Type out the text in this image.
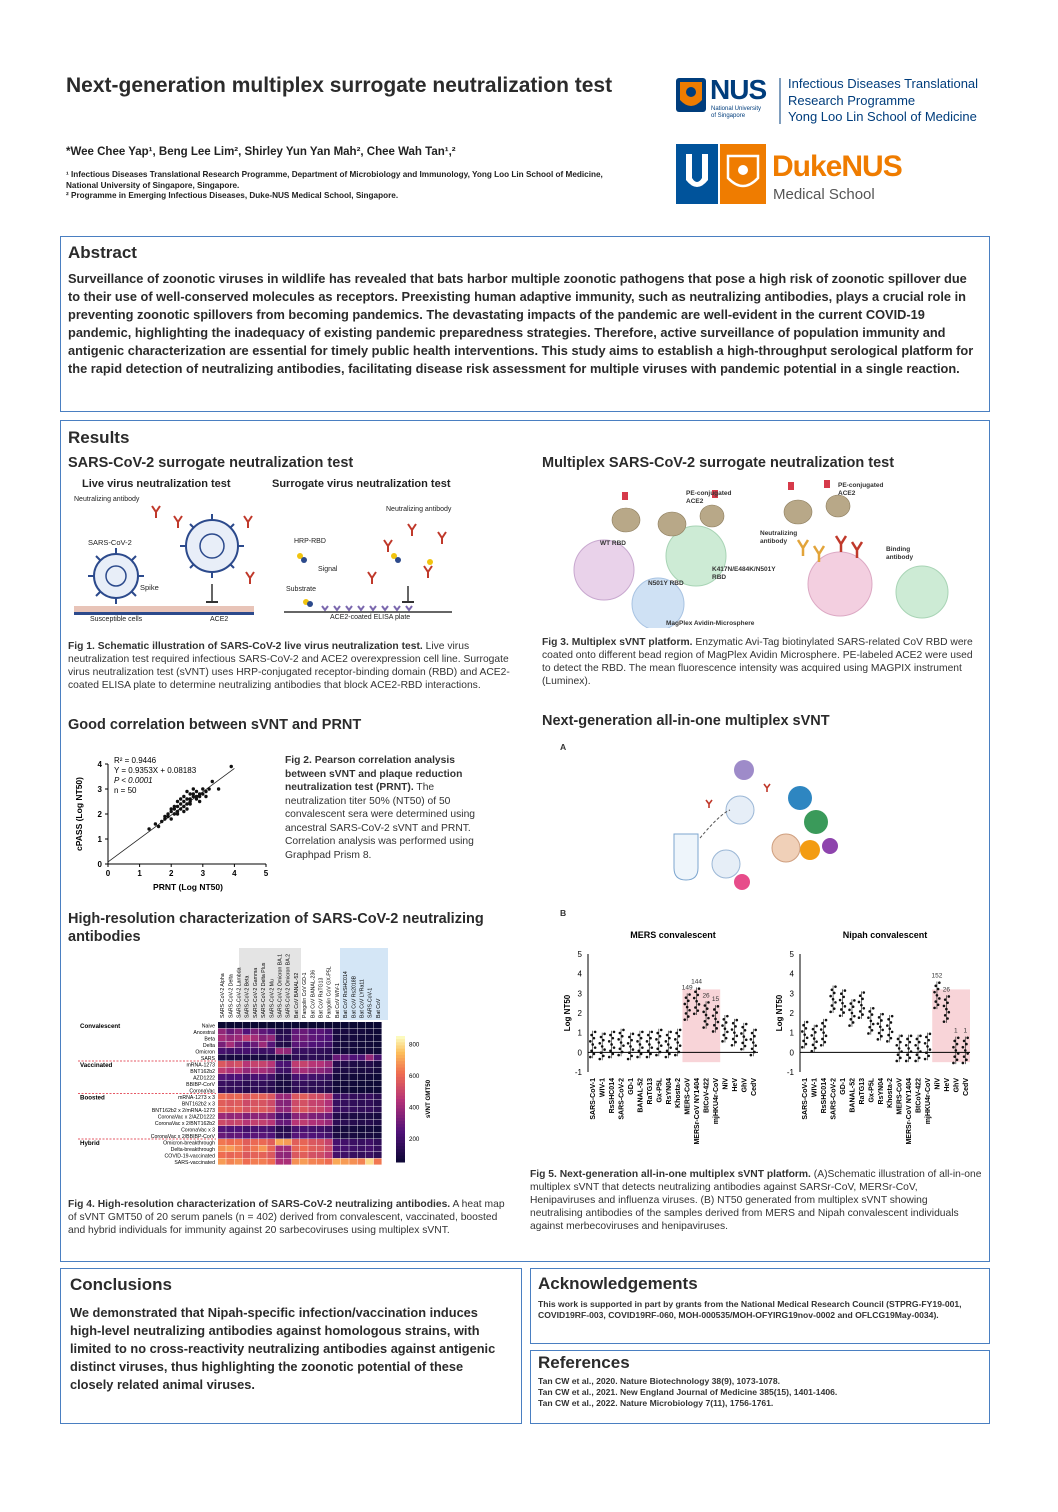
Next-generation multiplex surrogate neutralization test
*Wee Chee Yap¹, Beng Lee Lim², Shirley Yun Yan Mah², Chee Wah Tan¹,²
¹ Infectious Diseases Translational Research Programme, Department of Microbiology and Immunology, Yong Loo Lin School of Medicine, National University of Singapore, Singapore.
² Programme in Emerging Infectious Diseases, Duke-NUS Medical School, Singapore.
NUS
National University
of Singapore
Infectious Diseases Translational
Research Programme
Yong Loo Lin School of Medicine
DukeNUS
Medical School
Abstract
Surveillance of zoonotic viruses in wildlife has revealed that bats harbor multiple zoonotic pathogens that pose a high risk of zoonotic spillover due to their use of well-conserved molecules as receptors. Preexisting human adaptive immunity, such as neutralizing antibodies, plays a crucial role in preventing zoonotic spillovers from becoming pandemics. The devastating impacts of the pandemic are well-evident in the current COVID-19 pandemic, highlighting the inadequacy of existing pandemic preparedness strategies. Therefore, active surveillance of population immunity and antigenic characterization are essential for timely public health interventions. This study aims to establish a high-throughput serological platform for the rapid detection of neutralizing antibodies, facilitating disease risk assessment for multiple viruses with pandemic potential in a single reaction.
Results
SARS-CoV-2 surrogate neutralization test
Live virus neutralization test	Surrogate virus neutralization test
Neutralizing antibody
SARS-CoV-2
Spike
Susceptible cells	ACE2
Neutralizing antibody
HRP-RBD
Signal
Substrate
ACE2-coated ELISA plate
Fig 1. Schematic illustration of SARS-CoV-2 live virus neutralization test. Live virus neutralization test required infectious SARS-CoV-2 and ACE2 overexpression cell line. Surrogate virus neutralization test (sVNT) uses HRP-conjugated receptor-binding domain (RBD) and ACE2-coated ELISA plate to determine neutralizing antibodies that block ACE2-RBD interactions.
Good correlation between sVNT and PRNT
0	1	2	3	4	5
0
1
2
3
4
PRNT (Log NT50)
cPASS (Log NT50)
R² = 0.9446
Y = 0.9353X + 0.08183
P < 0.0001
n = 50
Fig 2. Pearson correlation analysis between sVNT and plaque reduction neutralization test (PRNT). The neutralization titer 50% (NT50) of 50 convalescent sera were determined using ancestral SARS-CoV-2 sVNT and PRNT. Correlation analysis was performed using Graphpad Prism 8.
High-resolution characterization of SARS-CoV-2 neutralizing antibodies
SARS-CoV-2 Alpha SARS-CoV-2 Delta SARS-CoV-2 Lambda SARS-CoV-2 Beta SARS-CoV-2 Gamma SARS-CoV-2 Delta Plus SARS-CoV-2 Mu SARS-CoV-2 Omicron BA.1 SARS-CoV-2 Omicron BA.2 Bat CoV BANAL-52 Pangolin CoV GD-1 Bat CoV BANAL-236 Bat CoV RaTG13 Pangolin CoV GX-P5L Bat CoV WIV-1 Bat CoV RsSHC014 Bat CoV Rs2018B Bat CoV LYRa11 SARS-CoV-1 Bat CoV
Naive
Ancestral
Beta
Delta
Omicron
SARS
mRNA-1273
BNT162b2
AZD1222
BBIBP-CorV
CoronaVac
mRNA-1273 x 3
BNT162b2 x 3
BNT162b2 x 2/mRNA-1273
CoronaVac x 2/AZD1222
CoronaVac x 2/BNT162b2
CoronaVac x 3
CoronaVac x 2/BBIBP-CorV
Omicron-breakthrough
Delta-breakthrough
COVID-19-vaccinated
SARS-vaccinated
Convalescent
Vaccinated
Boosted
Hybrid
800
600
400
200
sVNT GMT50
Fig 4. High-resolution characterization of SARS-CoV-2 neutralizing antibodies. A heat map of sVNT GMT50 of 20 serum panels (n = 402) derived from convalescent, vaccinated, boosted and hybrid individuals for immunity against 20 sarbecoviruses using multiplex sVNT.
Multiplex SARS-CoV-2 surrogate neutralization test
PE-conjugated ACE2
PE-conjugated ACE2
WT RBD
K417N/E484K/N501Y RBD
N501Y RBD
MagPlex Avidin-Microsphere
Neutralizing antibody
Binding antibody
Fig 3. Multiplex sVNT platform. Enzymatic Avi-Tag biotinylated SARS-related CoV RBD were coated onto different bead region of MagPlex Avidin Microsphere. PE-labeled ACE2 were used to detect the RBD. The mean fluorescence intensity was acquired using MAGPIX instrument (Luminex).
Next-generation all-in-one multiplex sVNT
A
B
MERS convalescent
-1
0
1
2
3
4
5
Log NT50
SARS-CoV-1 WIV-1 RsSHC014 SARS-CoV-2 GD-1 BANAL-52 RaTG13 Gx-P5L RsYN04 Khosta-2 MERS-CoV MERSr-CoV NY1404 BtCoV-422 mjHKU4r-CoV NiV HeV GhV CedV
149
144
26
15
Nipah convalescent
-1
0
1
2
3
4
5
Log NT50
SARS-CoV-1 WIV-1 RsSHC014 SARS-CoV-2 GD-1 BANAL-52 RaTG13 Gx-P5L RsYN04 Khosta-2 MERS-CoV MERSr-CoV NY1404 BtCoV-422 mjHKU4r-CoV NiV HeV GhV CedV
152
26
1 1
Fig 5. Next-generation all-in-one multiplex sVNT platform. (A)Schematic illustration of all-in-one multiplex sVNT that detects neutralizing antibodies against SARSr-CoV, MERSr-CoV, Henipaviruses and influenza viruses. (B) NT50 generated from multiplex sVNT showing neutralising antibodies of the samples derived from MERS and Nipah convalescent individuals against merbecoviruses and henipaviruses.
Conclusions
We demonstrated that Nipah-specific infection/vaccination induces high-level neutralizing antibodies against homologous strains, with limited to no cross-reactivity neutralizing antibodies against antigenic distinct viruses, thus highlighting the zoonotic potential of these closely related animal viruses.
Acknowledgements
This work is supported in part by grants from the National Medical Research Council (STPRG-FY19-001, COVID19RF-003, COVID19RF-060, MOH-000535/MOH-OFYIRG19nov-0002 and OFLCG19May-0034).
References
Tan CW et al., 2020. Nature Biotechnology 38(9), 1073-1078.
Tan CW et al., 2021. New England Journal of Medicine 385(15), 1401-1406.
Tan CW et al., 2022. Nature Microbiology 7(11), 1756-1761.
